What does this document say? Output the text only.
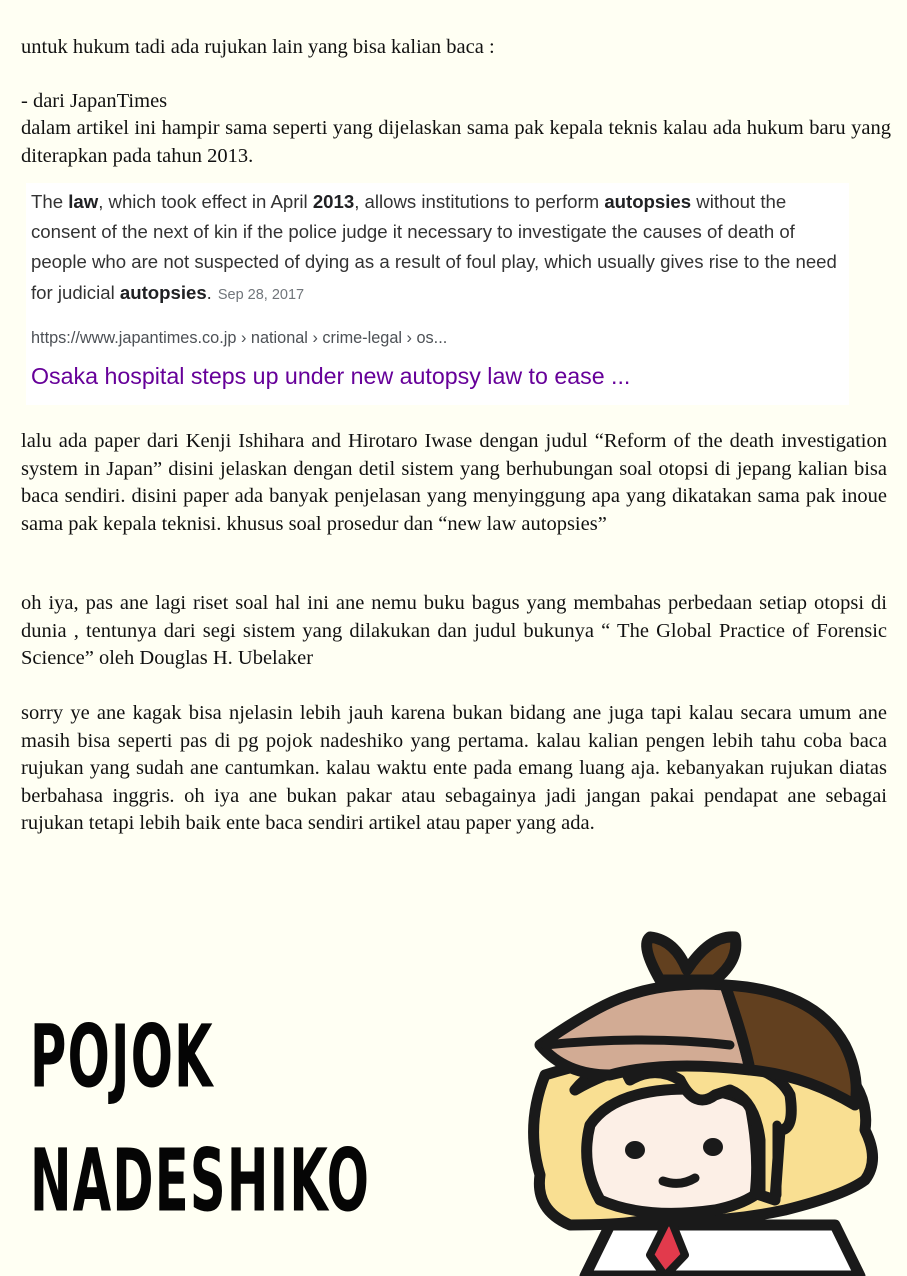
untuk hukum tadi ada rujukan lain yang bisa kalian baca :

- dari JapanTimes

dalam artikel ini hampir sama seperti yang dijelaskan sama pak kepala teknis kalau ada hukum baru yang diterapkan pada tahun 2013.

The law, which took effect in April 2013, allows institutions to perform autopsies without the consent of the next of kin if the police judge it necessary to investigate the causes of death of people who are not suspected of dying as a result of foul play, which usually gives rise to the need for judicial autopsies. Sep 28, 2017

https://www.japantimes.co.jp › national › crime-legal › os...
Osaka hospital steps up under new autopsy law to ease ...

lalu ada paper dari Kenji Ishihara and Hirotaro Iwase dengan judul “Reform of the death investigation system in Japan” disini jelaskan dengan detil sistem yang berhubungan soal otopsi di jepang kalian bisa baca sendiri. disini paper ada banyak penjelasan yang menyinggung apa yang dikatakan sama pak inoue sama pak kepala teknisi. khusus soal prosedur dan “new law autopsies”

oh iya, pas ane lagi riset soal hal ini ane nemu buku bagus yang membahas perbedaan setiap otopsi di dunia , tentunya dari segi sistem yang dilakukan dan judul bukunya “ The Global Practice of Forensic Science” oleh Douglas H. Ubelaker

sorry ye ane kagak bisa njelasin lebih jauh karena bukan bidang ane juga tapi kalau secara umum ane masih bisa seperti pas di pg pojok nadeshiko yang pertama. kalau kalian pengen lebih tahu coba baca rujukan yang sudah ane cantumkan. kalau waktu ente pada emang luang aja. kebanyakan rujukan diatas berbahasa inggris. oh iya ane bukan pakar atau sebagainya jadi jangan pakai pendapat ane sebagai rujukan tetapi lebih baik ente baca sendiri artikel atau paper yang ada.

POJOK
NADESHIKO
